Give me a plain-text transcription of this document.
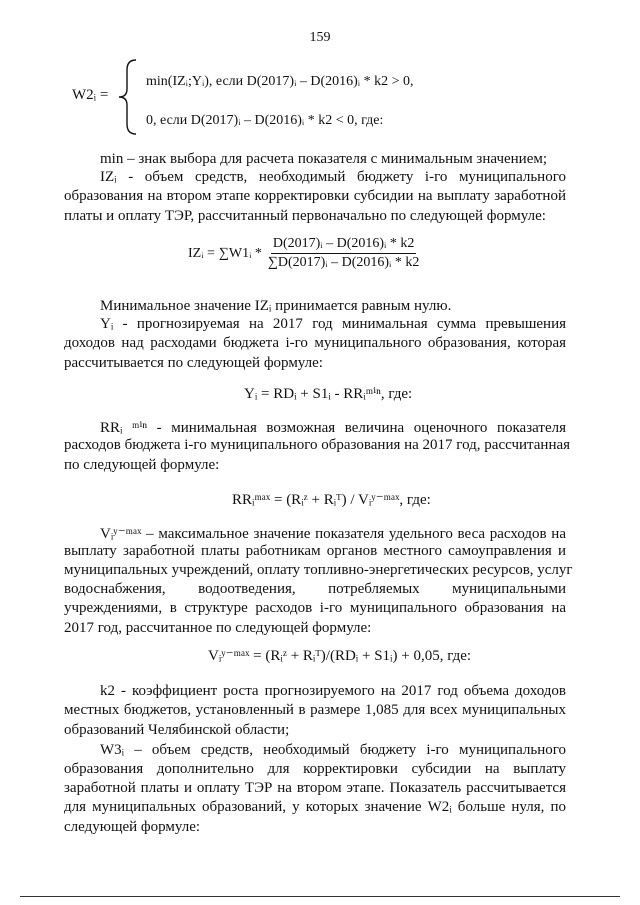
159
W2ᵢ =
min(IZᵢ;Yᵢ), если D(2017)ᵢ – D(2016)ᵢ * k2 > 0,
0, если D(2017)ᵢ – D(2016)ᵢ * k2 < 0, где:
min – знак выбора для расчета показателя с минимальным значением;
IZᵢ - объем средств, необходимый бюджету i-го муниципального
образования на втором этапе корректировки субсидии на выплату заработной
платы и оплату ТЭР, рассчитанный первоначально по следующей формуле:
IZᵢ = ∑W1ᵢ * $\frac{\text{D(2017)ᵢ – D(2016)ᵢ * k2}}{\text{∑D(2017)ᵢ – D(2016)ᵢ * k2}}$
Минимальное значение IZᵢ принимается равным нулю.
Yᵢ - прогнозируемая на 2017 год минимальная сумма превышения
доходов над расходами бюджета i-го муниципального образования, которая
рассчитывается по следующей формуле:
Yᵢ = RDᵢ + S1ᵢ - RRᵢᵐⁱⁿ, где:
RRᵢ ᵐⁱⁿ - минимальная возможная величина оценочного показателя
расходов бюджета i-го муниципального образования на 2017 год, рассчитанная
по следующей формуле:
RRᵢᵐᵃˣ = (Rᵢᶻ + Rᵢᵀ) / Vᵢʸ⁻ᵐᵃˣ, где:
Vᵢʸ⁻ᵐᵃˣ – максимальное значение показателя удельного веса расходов на
выплату заработной платы работникам органов местного самоуправления и
муниципальных учреждений, оплату топливно-энергетических ресурсов, услуг
водоснабжения, водоотведения, потребляемых муниципальными
учреждениями, в структуре расходов i-го муниципального образования на
2017 год, рассчитанное по следующей формуле:
Vᵢʸ⁻ᵐᵃˣ = (Rᵢᶻ + Rᵢᵀ)/(RDᵢ + S1ᵢ) + 0,05, где:
k2 - коэффициент роста прогнозируемого на 2017 год объема доходов
местных бюджетов, установленный в размере 1,085 для всех муниципальных
образований Челябинской области;
W3ᵢ – объем средств, необходимый бюджету i-го муниципального
образования дополнительно для корректировки субсидии на выплату
заработной платы и оплату ТЭР на втором этапе. Показатель рассчитывается
для муниципальных образований, у которых значение W2ᵢ больше нуля, по
следующей формуле:
